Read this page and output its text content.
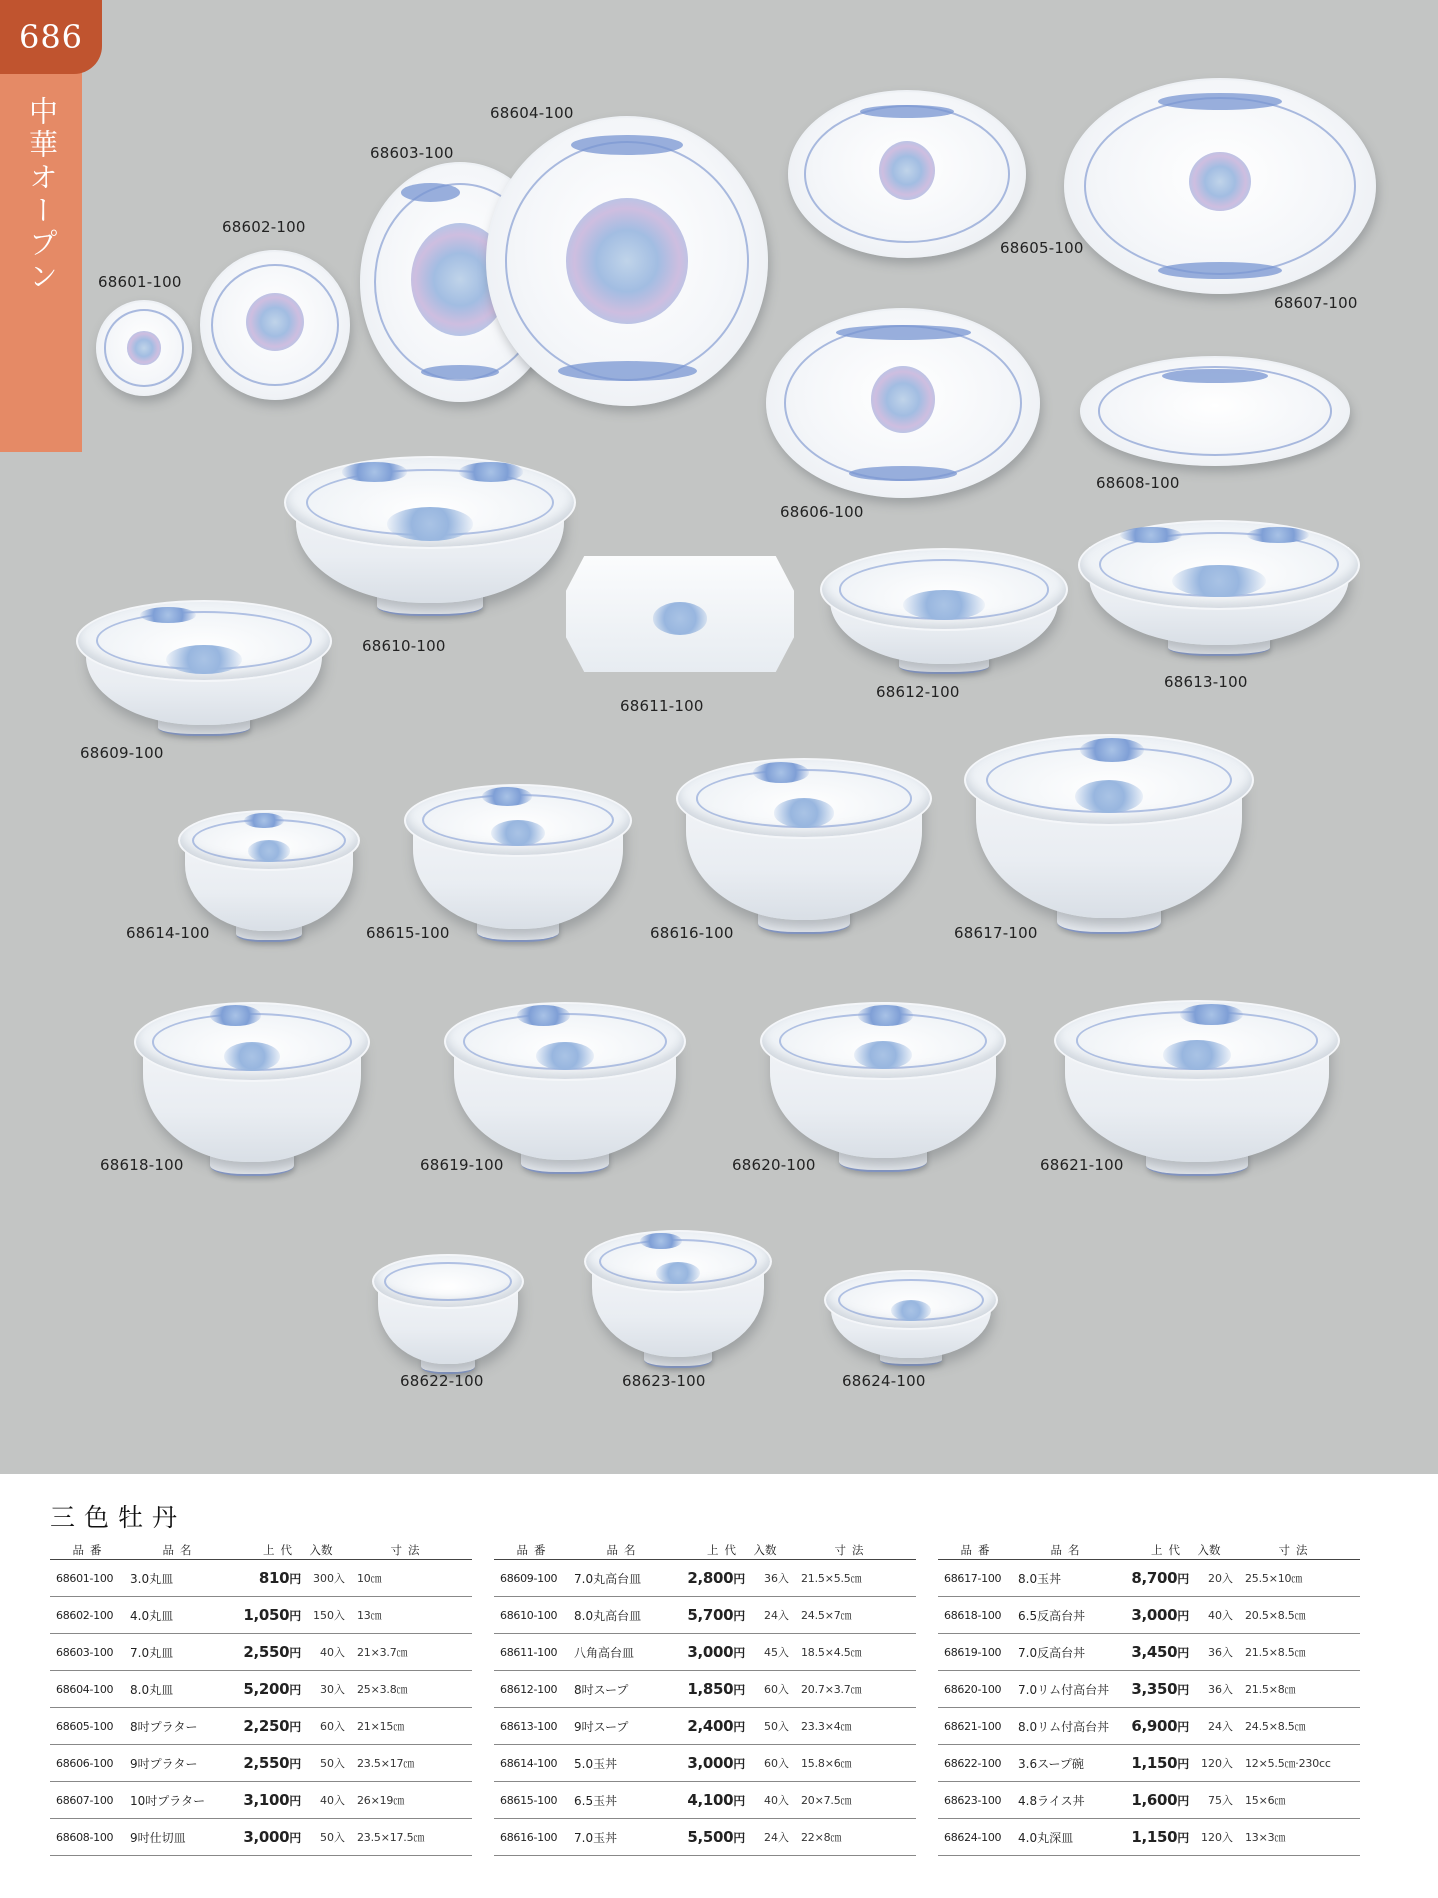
68601-100
68602-100
68603-100
68604-100
68605-100
68606-100
68607-100
68608-100
68609-100
68610-100
68611-100
68612-100
68613-100
68614-100	68615-100	68616-100	68617-100
68618-100	68619-100	68620-100	68621-100
68622-100	68623-100	68624-100
686
中華オープン
三色牡丹
品番	品名	上代	入数	寸法
68601-100	3.0丸皿	810円	300入	10㎝
68602-100	4.0丸皿	1,050円	150入	13㎝
68603-100	7.0丸皿	2,550円	40入	21×3.7㎝
68604-100	8.0丸皿	5,200円	30入	25×3.8㎝
68605-100	8吋プラター	2,250円	60入	21×15㎝
68606-100	9吋プラター	2,550円	50入	23.5×17㎝
68607-100	10吋プラター	3,100円	40入	26×19㎝
68608-100	9吋仕切皿	3,000円	50入	23.5×17.5㎝
品番	品名	上代	入数	寸法
68609-100	7.0丸高台皿	2,800円	36入	21.5×5.5㎝
68610-100	8.0丸高台皿	5,700円	24入	24.5×7㎝
68611-100	八角高台皿	3,000円	45入	18.5×4.5㎝
68612-100	8吋スープ	1,850円	60入	20.7×3.7㎝
68613-100	9吋スープ	2,400円	50入	23.3×4㎝
68614-100	5.0玉丼	3,000円	60入	15.8×6㎝
68615-100	6.5玉丼	4,100円	40入	20×7.5㎝
68616-100	7.0玉丼	5,500円	24入	22×8㎝
品番	品名	上代	入数	寸法
68617-100	8.0玉丼	8,700円	20入	25.5×10㎝
68618-100	6.5反高台丼	3,000円	40入	20.5×8.5㎝
68619-100	7.0反高台丼	3,450円	36入	21.5×8.5㎝
68620-100	7.0リム付高台丼	3,350円	36入	21.5×8㎝
68621-100	8.0リム付高台丼	6,900円	24入	24.5×8.5㎝
68622-100	3.6スープ碗	1,150円	120入	12×5.5㎝·230cc
68623-100	4.8ライス丼	1,600円	75入	15×6㎝
68624-100	4.0丸深皿	1,150円	120入	13×3㎝
